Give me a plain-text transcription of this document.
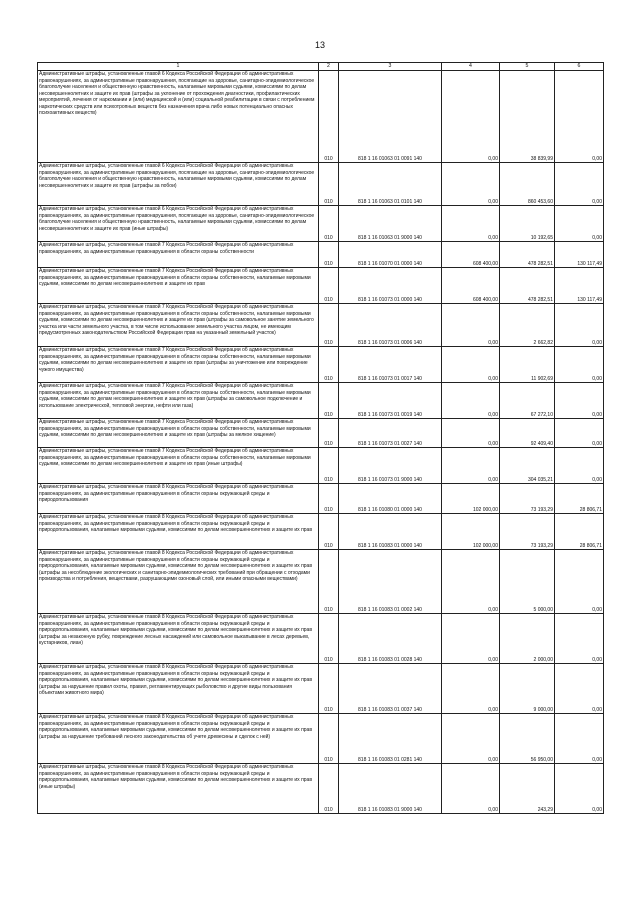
13
1	2	3	4	5	6
Административные штрафы, установленные главой 6 Кодекса Российской Федерации об административных правонарушениях, за административные правонарушения, посягающие на здоровье, санитарно-эпидемиологическое благополучие населения и общественную нравственность, налагаемые мировыми судьями, комиссиями по делам несовершеннолетних и защите их прав (штрафы за уклонение от прохождения диагностики, профилактических мероприятий, лечения от наркомании и (или) медицинской и (или) социальной реабилитации в связи с потреблением наркотических средств или психотропных веществ без назначения врача либо новых потенциально опасных психоактивных веществ)	010	818 1 16 01063 01 0091 140	0,00	38 839,99	0,00
Административные штрафы, установленные главой 6 Кодекса Российской Федерации об административных правонарушениях, за административные правонарушения, посягающие на здоровье, санитарно-эпидемиологическое благополучие населения и общественную нравственность, налагаемые мировыми судьями, комиссиями по делам несовершеннолетних и защите их прав (штрафы за побои)	010	818 1 16 01063 01 0101 140	0,00	860 453,60	0,00
Административные штрафы, установленные главой 6 Кодекса Российской Федерации об административных правонарушениях, за административные правонарушения, посягающие на здоровье, санитарно-эпидемиологическое благополучие населения и общественную нравственность, налагаемые мировыми судьями, комиссиями по делам несовершеннолетних и защите их прав (иные штрафы)	010	818 1 16 01063 01 9000 140	0,00	10 192,65	0,00
Административные штрафы, установленные главой 7 Кодекса Российской Федерации об административных правонарушениях, за административные правонарушения в области охраны собственности	010	818 1 16 01070 01 0000 140	608 400,00	478 282,51	130 117,49
Административные штрафы, установленные главой 7 Кодекса Российской Федерации об административных правонарушениях, за административные правонарушения в области охраны собственности, налагаемые мировыми судьями, комиссиями по делам несовершеннолетних и защите их прав	010	818 1 16 01073 01 0000 140	608 400,00	478 282,51	130 117,49
Административные штрафы, установленные главой 7 Кодекса Российской Федерации об административных правонарушениях, за административные правонарушения в области охраны собственности, налагаемые мировыми судьями, комиссиями по делам несовершеннолетних и защите их прав (штрафы за самовольное занятие земельного участка или части земельного участка, в том числе использование земельного участка лицом, не имеющим предусмотренных законодательством Российской Федерации прав на указанный земельный участок)	010	818 1 16 01073 01 0006 140	0,00	2 662,82	0,00
Административные штрафы, установленные главой 7 Кодекса Российской Федерации об административных правонарушениях, за административные правонарушения в области охраны собственности, налагаемые мировыми судьями, комиссиями по делам несовершеннолетних и защите их прав (штрафы за уничтожение или повреждение чужого имущества)	010	818 1 16 01073 01 0017 140	0,00	11 902,69	0,00
Административные штрафы, установленные главой 7 Кодекса Российской Федерации об административных правонарушениях, за административные правонарушения в области охраны собственности, налагаемые мировыми судьями, комиссиями по делам несовершеннолетних и защите их прав (штрафы за самовольное подключение и использование электрической, тепловой энергии, нефти или газа)	010	818 1 16 01073 01 0019 140	0,00	67 272,10	0,00
Административные штрафы, установленные главой 7 Кодекса Российской Федерации об административных правонарушениях, за административные правонарушения в области охраны собственности, налагаемые мировыми судьями, комиссиями по делам несовершеннолетних и защите их прав (штрафы за мелкое хищение)	010	818 1 16 01073 01 0027 140	0,00	92 409,40	0,00
Административные штрафы, установленные главой 7 Кодекса Российской Федерации об административных правонарушениях, за административные правонарушения в области охраны собственности, налагаемые мировыми судьями, комиссиями по делам несовершеннолетних и защите их прав (иные штрафы)	010	818 1 16 01073 01 9000 140	0,00	304 035,21	0,00
Административные штрафы, установленные главой 8 Кодекса Российской Федерации об административных правонарушениях, за административные правонарушения в области охраны окружающей среды и природопользования	010	818 1 16 01080 01 0000 140	102 000,00	73 193,29	28 806,71
Административные штрафы, установленные главой 8 Кодекса Российской Федерации об административных правонарушениях, за административные правонарушения в области охраны окружающей среды и природопользования, налагаемые мировыми судьями, комиссиями по делам несовершеннолетних и защите их прав	010	818 1 16 01083 01 0000 140	102 000,00	73 193,29	28 806,71
Административные штрафы, установленные главой 8 Кодекса Российской Федерации об административных правонарушениях, за административные правонарушения в области охраны окружающей среды и природопользования, налагаемые мировыми судьями, комиссиями по делам несовершеннолетних и защите их прав (штрафы за несоблюдение экологических и санитарно-эпидемиологических требований при обращении с отходами производства и потребления, веществами, разрушающими озоновый слой, или иными опасными веществами)	010	818 1 16 01083 01 0002 140	0,00	5 000,00	0,00
Административные штрафы, установленные главой 8 Кодекса Российской Федерации об административных правонарушениях, за административные правонарушения в области охраны окружающей среды и природопользования, налагаемые мировыми судьями, комиссиями по делам несовершеннолетних и защите их прав (штрафы за незаконную рубку, повреждение лесных насаждений или самовольное выкапывание в лесах деревьев, кустарников, лиан)	010	818 1 16 01083 01 0028 140	0,00	2 000,00	0,00
Административные штрафы, установленные главой 8 Кодекса Российской Федерации об административных правонарушениях, за административные правонарушения в области охраны окружающей среды и природопользования, налагаемые мировыми судьями, комиссиями по делам несовершеннолетних и защите их прав (штрафы за нарушение правил охоты, правил, регламентирующих рыболовство и другие виды пользования объектами животного мира)	010	818 1 16 01083 01 0037 140	0,00	9 000,00	0,00
Административные штрафы, установленные главой 8 Кодекса Российской Федерации об административных правонарушениях, за административные правонарушения в области охраны окружающей среды и природопользования, налагаемые мировыми судьями, комиссиями по делам несовершеннолетних и защите их прав (штрафы за нарушение требований лесного законодательства об учете древесины и сделок с ней)	010	818 1 16 01083 01 0281 140	0,00	56 950,00	0,00
Административные штрафы, установленные главой 8 Кодекса Российской Федерации об административных правонарушениях, за административные правонарушения в области охраны окружающей среды и природопользования, налагаемые мировыми судьями, комиссиями по делам несовершеннолетних и защите их прав (иные штрафы)	010	818 1 16 01083 01 9000 140	0,00	243,29	0,00
